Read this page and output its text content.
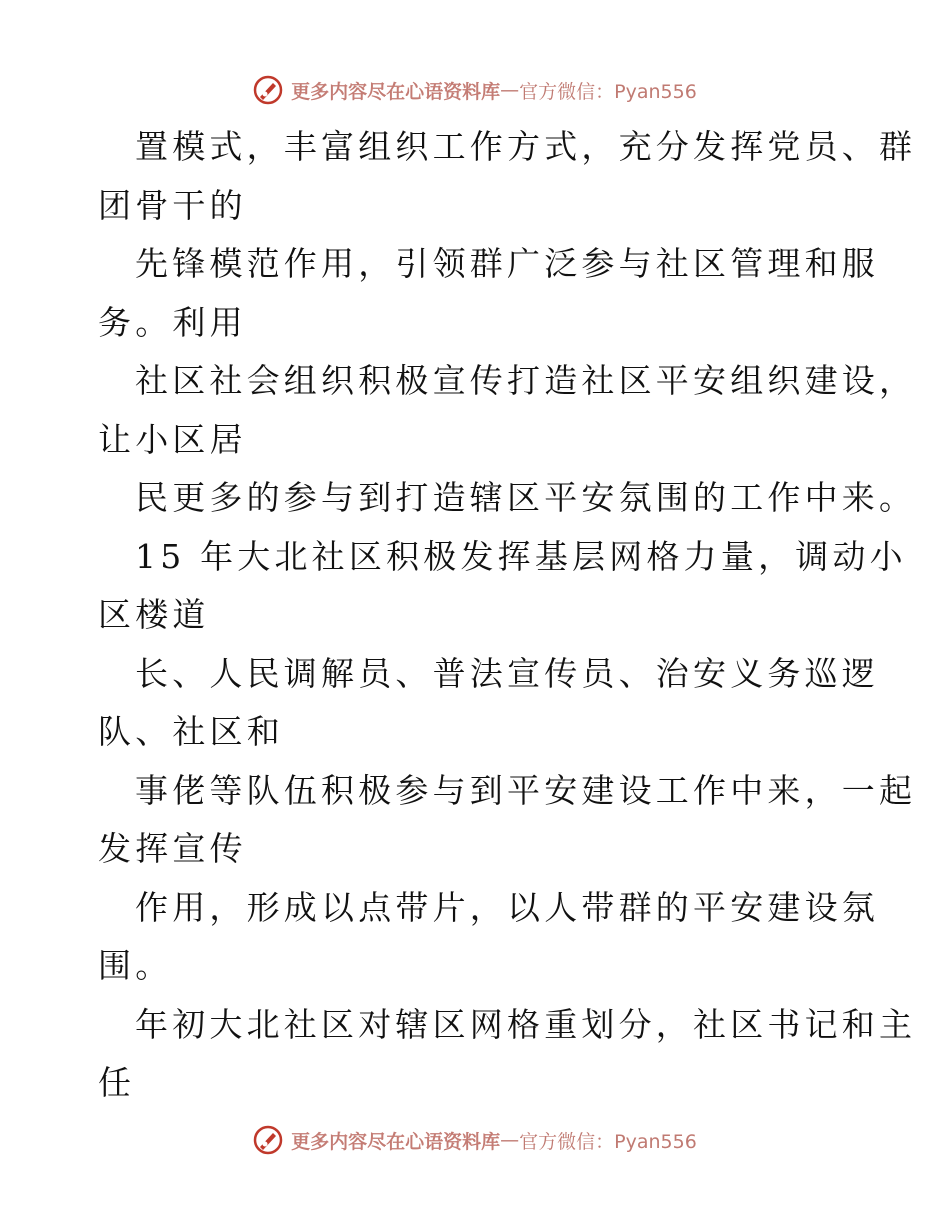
更多内容尽在心语资料库 — 官方微信：Pyan556
置模式，丰富组织工作方式，充分发挥党员、群
团骨干的
先锋模范作用，引领群广泛参与社区管理和服
务。利用
社区社会组织积极宣传打造社区平安组织建设，
让小区居
民更多的参与到打造辖区平安氛围的工作中来。
15 年大北社区积极发挥基层网格力量，调动小
区楼道
长、人民调解员、普法宣传员、治安义务巡逻
队、社区和
事佬等队伍积极参与到平安建设工作中来，一起
发挥宣传
作用，形成以点带片，以人带群的平安建设氛
围。
年初大北社区对辖区网格重划分，社区书记和主
任
更多内容尽在心语资料库 — 官方微信：Pyan556
